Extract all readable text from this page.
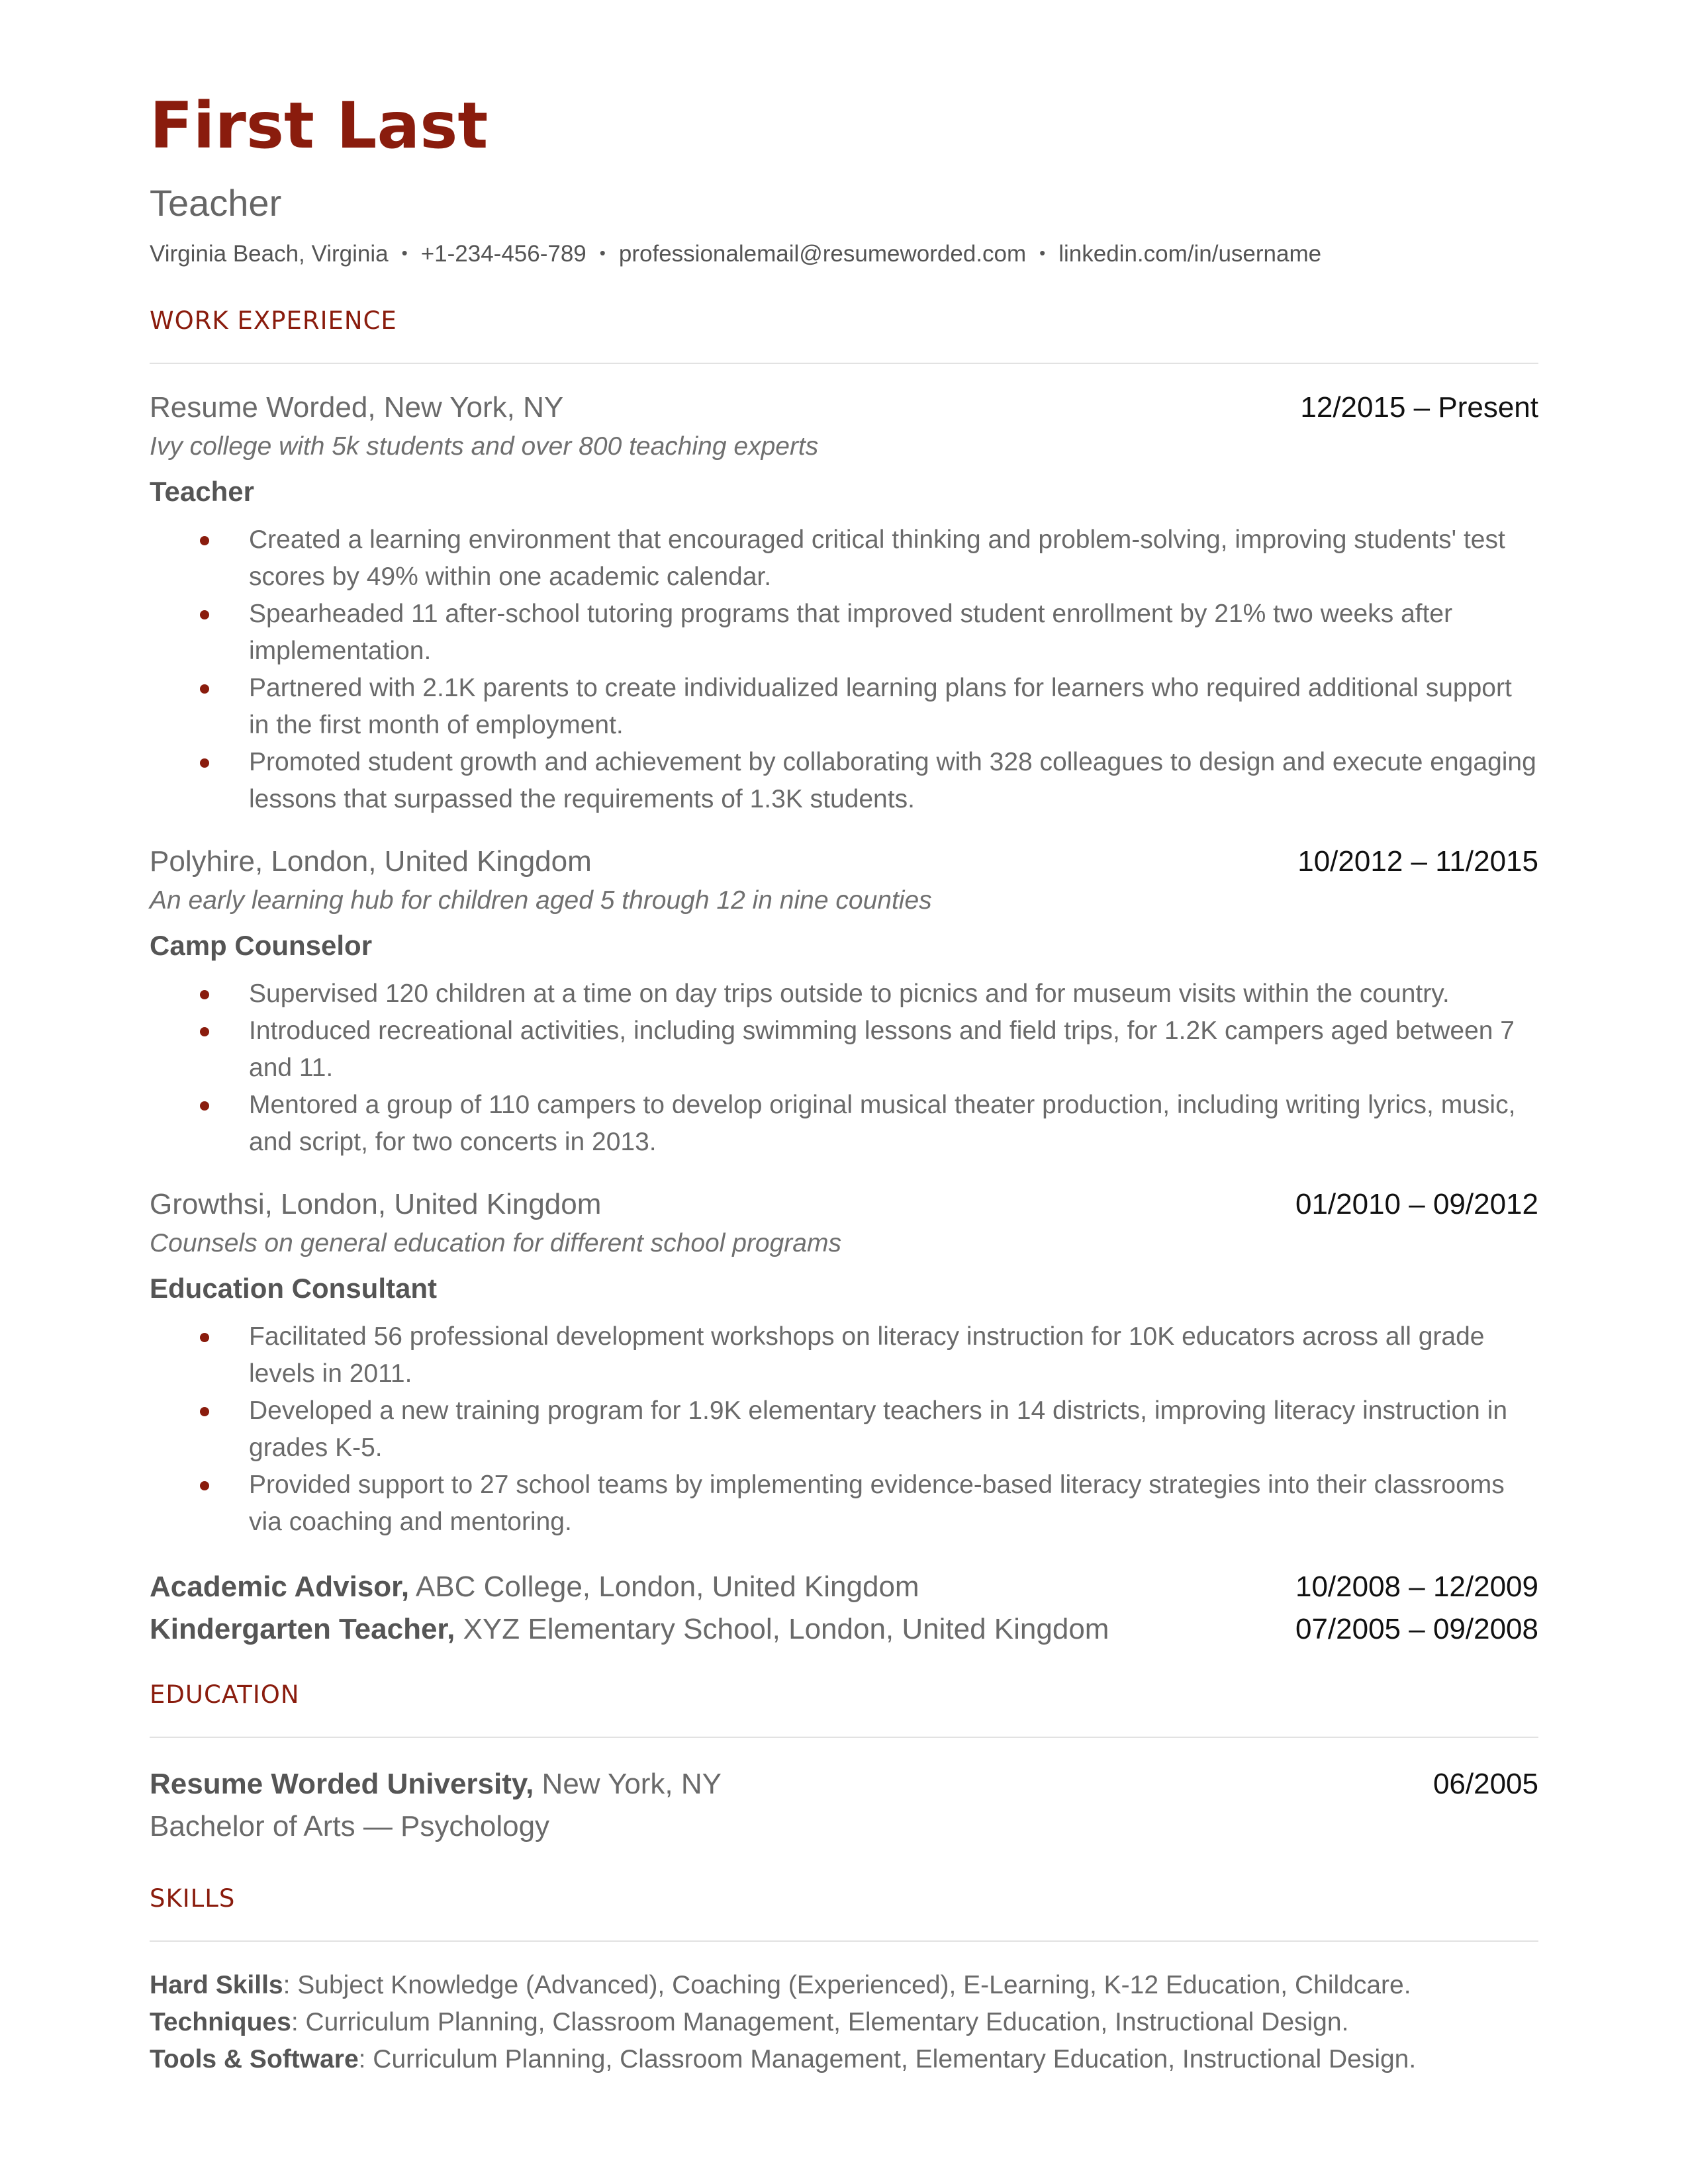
First Last
Teacher
Virginia Beach, Virginia • +1-234-456-789 • professionalemail@resumeworded.com • linkedin.com/in/username
WORK EXPERIENCE
Resume Worded, New York, NY	12/2015 – Present
Ivy college with 5k students and over 800 teaching experts
Teacher
Created a learning environment that encouraged critical thinking and problem-solving, improving students' test scores by 49% within one academic calendar.
Spearheaded 11 after-school tutoring programs that improved student enrollment by 21% two weeks after implementation.
Partnered with 2.1K parents to create individualized learning plans for learners who required additional support in the first month of employment.
Promoted student growth and achievement by collaborating with 328 colleagues to design and execute engaging lessons that surpassed the requirements of 1.3K students.
Polyhire, London, United Kingdom	10/2012 – 11/2015
An early learning hub for children aged 5 through 12 in nine counties
Camp Counselor
Supervised 120 children at a time on day trips outside to picnics and for museum visits within the country.
Introduced recreational activities, including swimming lessons and field trips, for 1.2K campers aged between 7 and 11.
Mentored a group of 110 campers to develop original musical theater production, including writing lyrics, music, and script, for two concerts in 2013.
Growthsi, London, United Kingdom	01/2010 – 09/2012
Counsels on general education for different school programs
Education Consultant
Facilitated 56 professional development workshops on literacy instruction for 10K educators across all grade levels in 2011.
Developed a new training program for 1.9K elementary teachers in 14 districts, improving literacy instruction in grades K-5.
Provided support to 27 school teams by implementing evidence-based literacy strategies into their classrooms via coaching and mentoring.
Academic Advisor, ABC College, London, United Kingdom	10/2008 – 12/2009
Kindergarten Teacher, XYZ Elementary School, London, United Kingdom	07/2005 – 09/2008
EDUCATION
Resume Worded University, New York, NY	06/2005
Bachelor of Arts — Psychology
SKILLS
Hard Skills: Subject Knowledge (Advanced), Coaching (Experienced), E-Learning, K-12 Education, Childcare.
Techniques: Curriculum Planning, Classroom Management, Elementary Education, Instructional Design.
Tools & Software: Curriculum Planning, Classroom Management, Elementary Education, Instructional Design.
